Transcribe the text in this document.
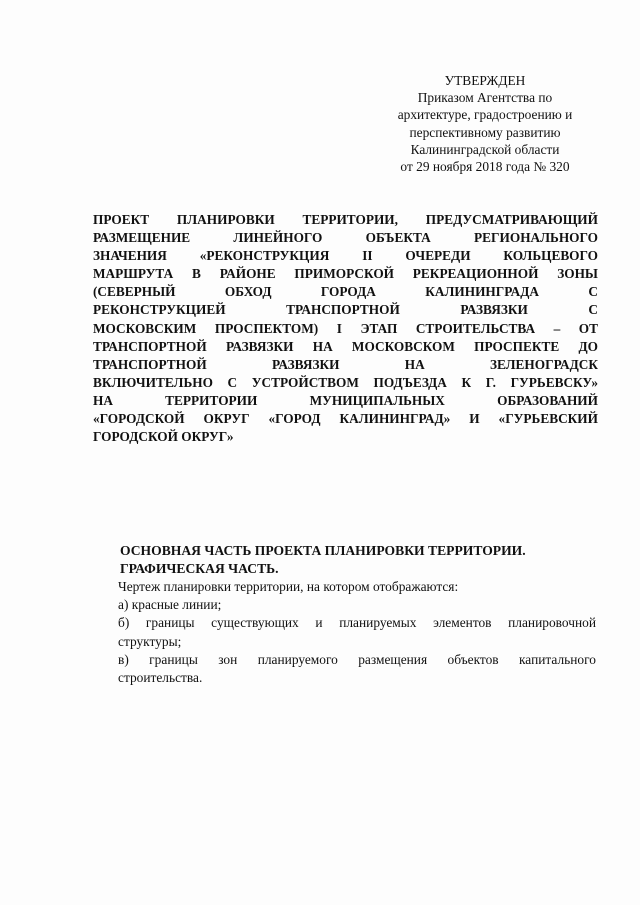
УТВЕРЖДЕН
Приказом Агентства по
архитектуре, градостроению и
перспективному развитию
Калининградской области
от 29 ноября 2018 года № 320
ПРОЕКТ ПЛАНИРОВКИ ТЕРРИТОРИИ, ПРЕДУСМАТРИВАЮЩИЙ
РАЗМЕЩЕНИЕ ЛИНЕЙНОГО ОБЪЕКТА РЕГИОНАЛЬНОГО
ЗНАЧЕНИЯ «РЕКОНСТРУКЦИЯ II ОЧЕРЕДИ КОЛЬЦЕВОГО
МАРШРУТА В РАЙОНЕ ПРИМОРСКОЙ РЕКРЕАЦИОННОЙ ЗОНЫ
(СЕВЕРНЫЙ ОБХОД ГОРОДА КАЛИНИНГРАДА С
РЕКОНСТРУКЦИЕЙ ТРАНСПОРТНОЙ РАЗВЯЗКИ С
МОСКОВСКИМ ПРОСПЕКТОМ) I ЭТАП СТРОИТЕЛЬСТВА – ОТ
ТРАНСПОРТНОЙ РАЗВЯЗКИ НА МОСКОВСКОМ ПРОСПЕКТЕ ДО
ТРАНСПОРТНОЙ РАЗВЯЗКИ НА ЗЕЛЕНОГРАДСК
ВКЛЮЧИТЕЛЬНО С УСТРОЙСТВОМ ПОДЪЕЗДА К Г. ГУРЬЕВСКУ»
НА ТЕРРИТОРИИ МУНИЦИПАЛЬНЫХ ОБРАЗОВАНИЙ
«ГОРОДСКОЙ ОКРУГ «ГОРОД КАЛИНИНГРАД» И «ГУРЬЕВСКИЙ
ГОРОДСКОЙ ОКРУГ»
ОСНОВНАЯ ЧАСТЬ ПРОЕКТА ПЛАНИРОВКИ ТЕРРИТОРИИ.
ГРАФИЧЕСКАЯ ЧАСТЬ.
Чертеж планировки территории, на котором отображаются:
а) красные линии;
б) границы существующих и планируемых элементов планировочной
структуры;
в) границы зон планируемого размещения объектов капитального
строительства.
